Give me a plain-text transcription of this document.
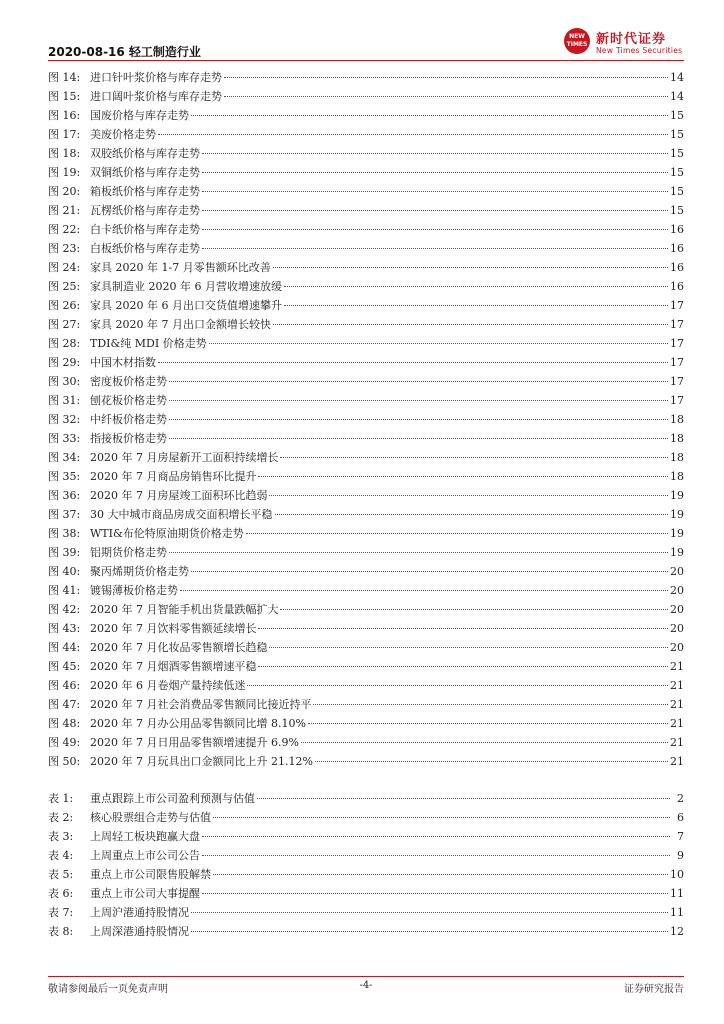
2020-08-16 轻工制造行业
NEW
TIMES 新时代证券
New Times Securities
图 14: 进口针叶浆价格与库存走势	14
图 15: 进口阔叶浆价格与库存走势	14
图 16: 国废价格与库存走势	15
图 17: 美废价格走势	15
图 18: 双胶纸价格与库存走势	15
图 19: 双铜纸价格与库存走势	15
图 20: 箱板纸价格与库存走势	15
图 21: 瓦楞纸价格与库存走势	15
图 22: 白卡纸价格与库存走势	16
图 23: 白板纸价格与库存走势	16
图 24: 家具 2020 年 1-7 月零售额环比改善	16
图 25: 家具制造业 2020 年 6 月营收增速放缓	16
图 26: 家具 2020 年 6 月出口交货值增速攀升	17
图 27: 家具 2020 年 7 月出口金额增长较快	17
图 28: TDI&纯 MDI 价格走势	17
图 29: 中国木材指数	17
图 30: 密度板价格走势	17
图 31: 刨花板价格走势	17
图 32: 中纤板价格走势	18
图 33: 指接板价格走势	18
图 34: 2020 年 7 月房屋新开工面积持续增长	18
图 35: 2020 年 7 月商品房销售环比提升	18
图 36: 2020 年 7 月房屋竣工面积环比趋弱	19
图 37: 30 大中城市商品房成交面积增长平稳	19
图 38: WTI&布伦特原油期货价格走势	19
图 39: 铝期货价格走势	19
图 40: 聚丙烯期货价格走势	20
图 41: 镀锡薄板价格走势	20
图 42: 2020 年 7 月智能手机出货量跌幅扩大	20
图 43: 2020 年 7 月饮料零售额延续增长	20
图 44: 2020 年 7 月化妆品零售额增长趋稳	20
图 45: 2020 年 7 月烟酒零售额增速平稳	21
图 46: 2020 年 6 月卷烟产量持续低迷	21
图 47: 2020 年 7 月社会消费品零售额同比接近持平	21
图 48: 2020 年 7 月办公用品零售额同比增 8.10%	21
图 49: 2020 年 7 月日用品零售额增速提升 6.9%	21
图 50: 2020 年 7 月玩具出口金额同比上升 21.12%	21
表 1:	重点跟踪上市公司盈利预测与估值	2
表 2:	核心股票组合走势与估值	6
表 3:	上周轻工板块跑赢大盘	7
表 4:	上周重点上市公司公告	9
表 5:	重点上市公司限售股解禁	10
表 6:	重点上市公司大事提醒	11
表 7:	上周沪港通持股情况	11
表 8:	上周深港通持股情况	12
敬请参阅最后一页免责声明	-4-	证券研究报告
